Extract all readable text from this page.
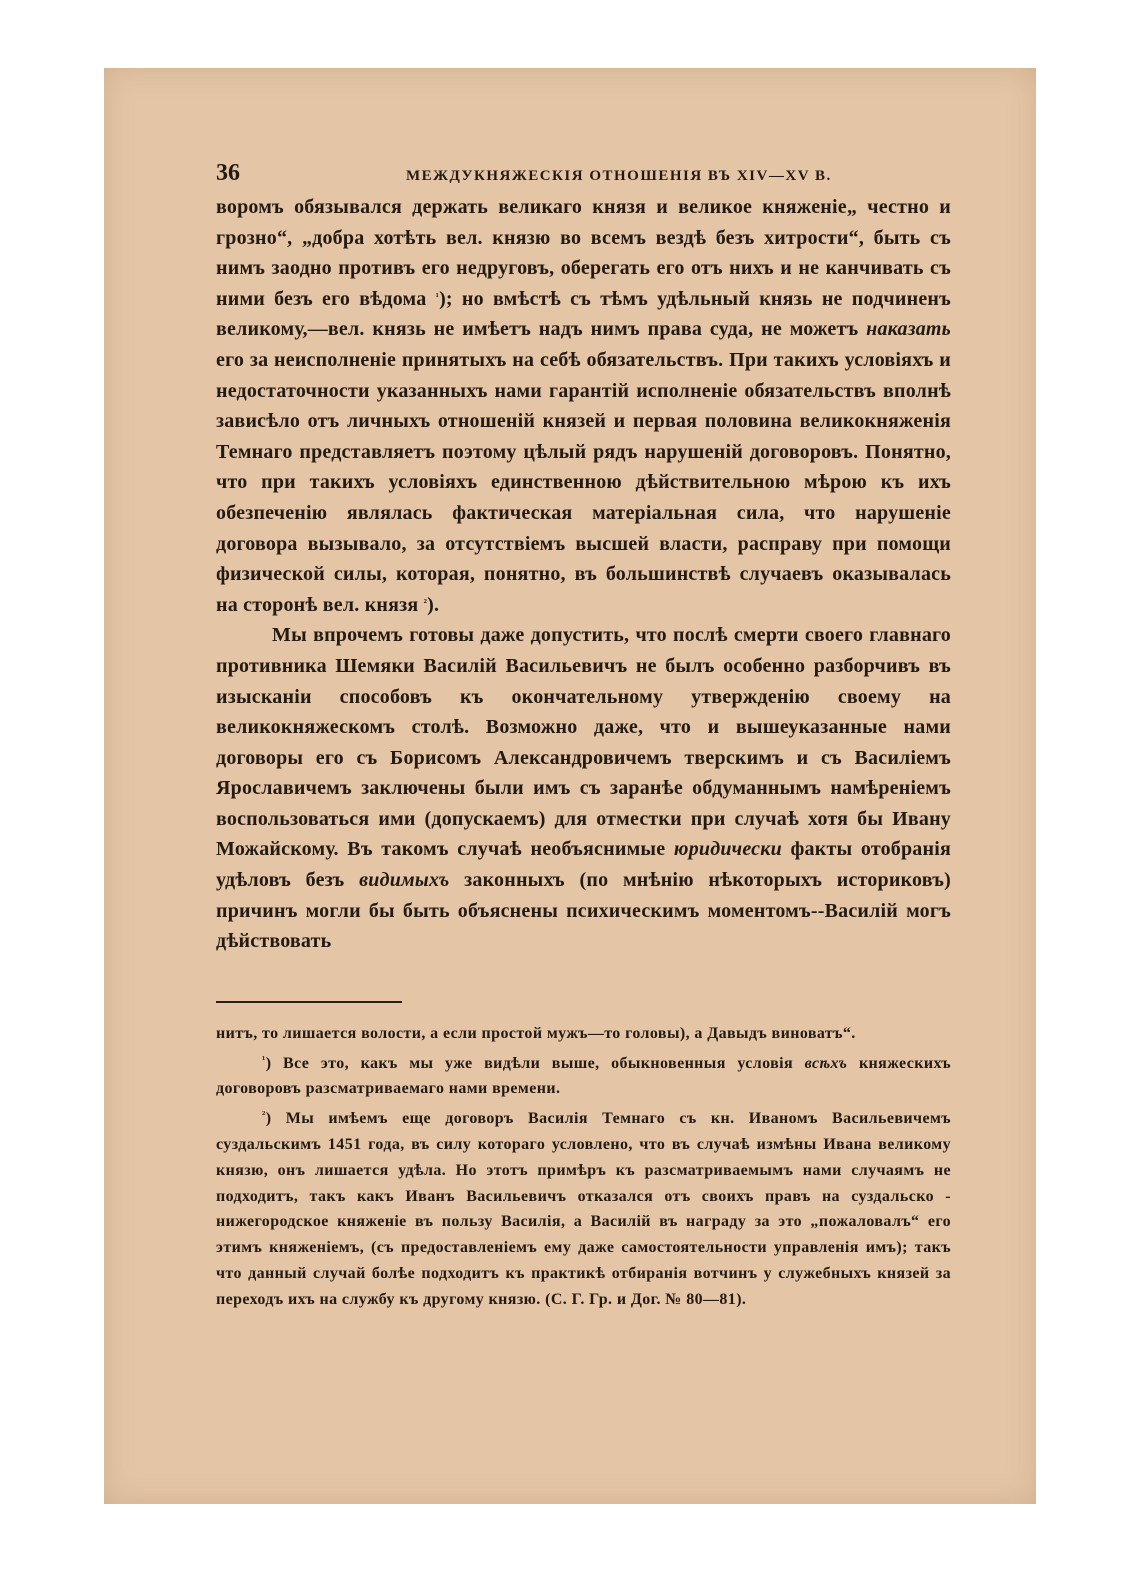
36	МЕЖДУКНЯЖЕСКІЯ ОТНОШЕНІЯ ВЪ XIV—XV В.

воромъ обязывался держать великаго князя и великое княженіе„ честно и грозно“, „добра хотѣть вел. князю во всемъ вездѣ безъ хитрости“, быть съ нимъ заодно противъ его недруговъ, оберегать его отъ нихъ и не канчивать съ ними безъ его вѣдома $^{^1}$); но вмѣстѣ съ тѣмъ удѣльный князь не подчиненъ великому,—вел. князь не имѣетъ надъ нимъ права суда, не можетъ наказать его за неисполненіе принятыхъ на себѣ обязательствъ. При такихъ условіяхъ и недостаточности указанныхъ нами гарантій исполненіе обязательствъ вполнѣ зависѣло отъ личныхъ отношеній князей и первая половина великокняженія Темнаго представляетъ поэтому цѣлый рядъ нарушеній договоровъ. Понятно, что при такихъ условіяхъ единственною дѣйствительною мѣрою къ ихъ обезпеченію являлась фактическая матеріальная сила, что нарушеніе договора вызывало, за отсутствіемъ высшей власти, расправу при помощи физической силы, которая, понятно, въ большинствѣ случаевъ оказывалась на сторонѣ вел. князя $^{^2}$).

Мы впрочемъ готовы даже допустить, что послѣ смерти своего главнаго противника Шемяки Василій Васильевичъ не былъ особенно разборчивъ въ изысканіи способовъ къ окончательному утвержденію своему на великокняжескомъ столѣ. Возможно даже, что и вышеуказанные нами договоры его съ Борисомъ Александровичемъ тверскимъ и съ Василіемъ Ярославичемъ заключены были имъ съ заранѣе обдуманнымъ намѣреніемъ воспользоваться ими (допускаемъ) для отместки при случаѣ хотя бы Ивану Можайскому. Въ такомъ случаѣ необъяснимые юридически факты отобранія удѣловъ безъ видимыхъ законныхъ (по мнѣнію нѣкоторыхъ историковъ) причинъ могли бы быть объяснены психическимъ моментомъ--Василій могъ дѣйствовать

нитъ, то лишается волости, а если простой мужъ—то головы), а Давыдъ виноватъ“.

$^{^1}$) Все это, какъ мы уже видѣли выше, обыкновенныя условія всѣхъ княжескихъ договоровъ разсматриваемаго нами времени.

$^{^2}$) Мы имѣемъ еще договоръ Василія Темнаго съ кн. Иваномъ Васильевичемъ суздальскимъ 1451 года, въ силу котораго условлено, что въ случаѣ измѣны Ивана великому князю, онъ лишается удѣла. Но этотъ примѣръ къ разсматриваемымъ нами случаямъ не подходитъ, такъ какъ Иванъ Васильевичъ отказался отъ своихъ правъ на суздальско - нижегородское княженіе въ пользу Василія, а Василій въ награду за это „пожаловалъ“ его этимъ княженіемъ, (съ предоставленіемъ ему даже самостоятельности управленія имъ); такъ что данный случай болѣе подходитъ къ практикѣ отбиранія вотчинъ у служебныхъ князей за переходъ ихъ на службу къ другому князю. (С. Г. Гр. и Дог. № 80—81).
